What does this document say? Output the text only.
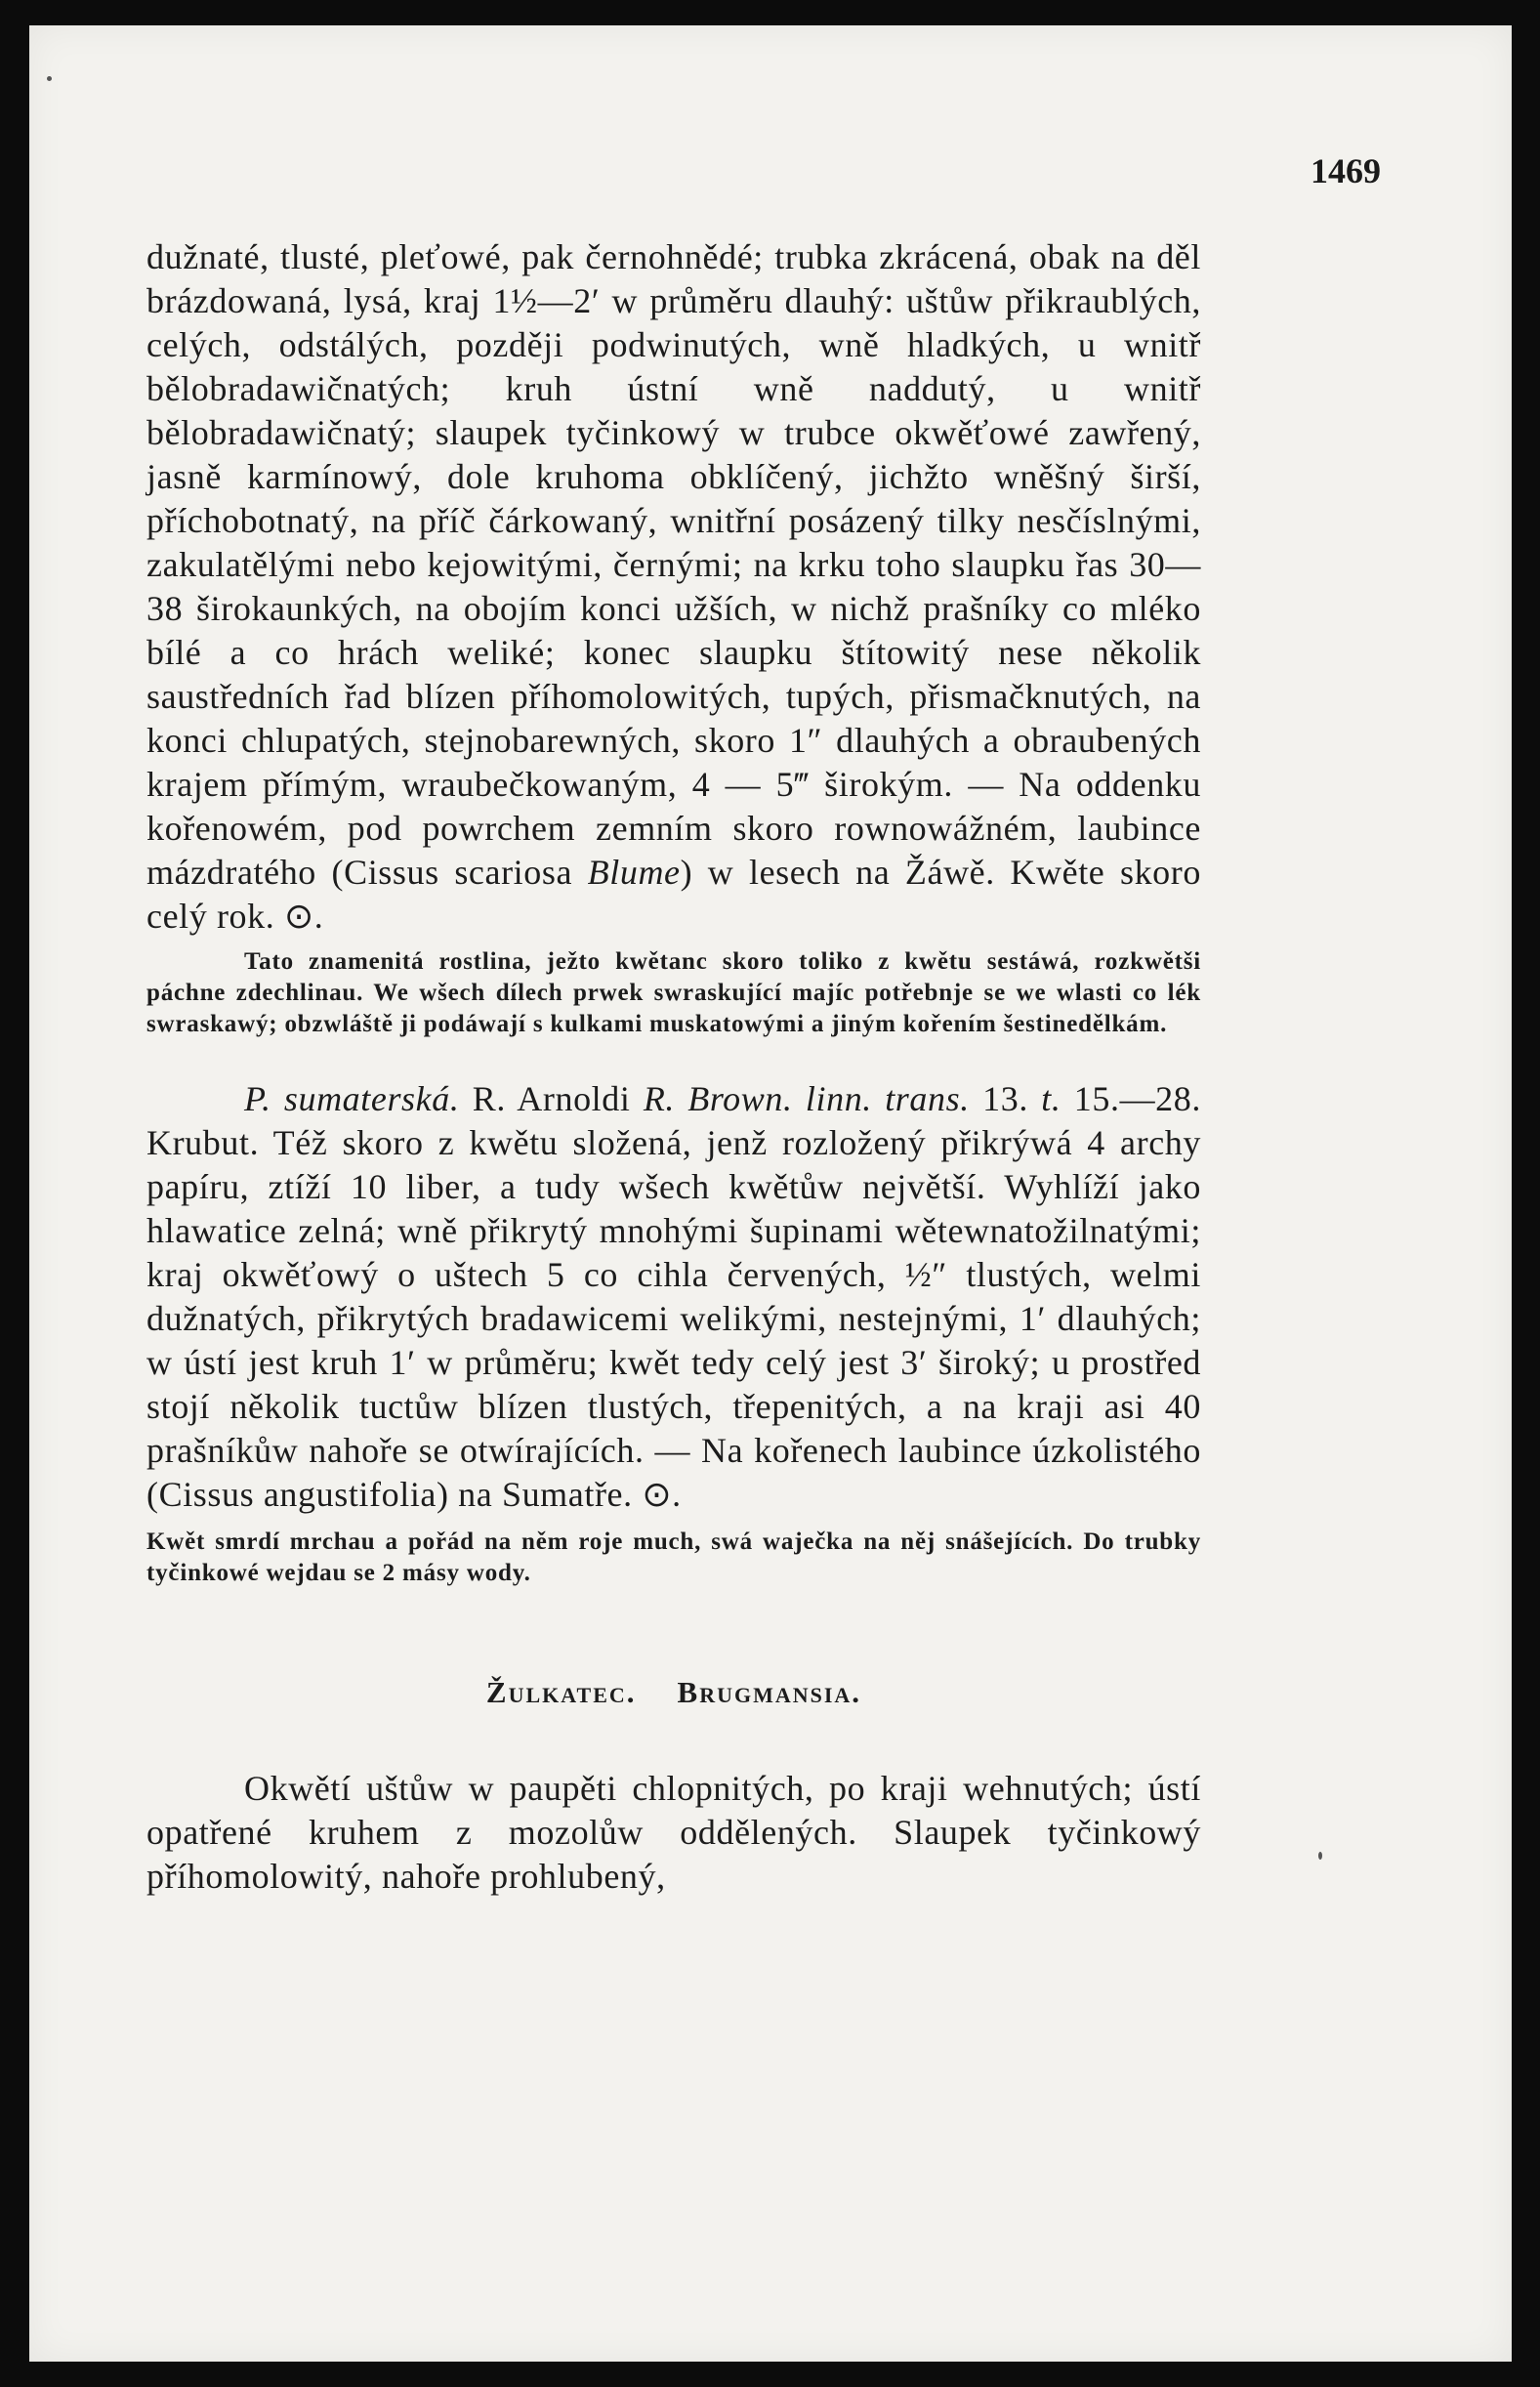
1469

dužnaté, tlusté, pleťowé, pak černohnědé; trubka zkrácená, obak na děl brázdowaná, lysá, kraj 1½—2′ w průměru dlauhý: uštůw přikraublých, celých, odstálých, později podwinutých, wně hladkých, u wnitř bělobradawičnatých; kruh ústní wně naddutý, u wnitř bělobradawičnatý; slaupek tyčinkowý w trubce okwěťowé zawřený, jasně karmínowý, dole kruhoma obklíčený, jichžto wněšný širší, příchobotnatý, na příč čárkowaný, wnitřní posázený tilky nesčíslnými, zakulatělými nebo kejowitými, černými; na krku toho slaupku řas 30—38 širokaunkých, na obojím konci užších, w nichž prašníky co mléko bílé a co hrách weliké; konec slaupku štítowitý nese několik saustředních řad blízen příhomolowitých, tupých, přismačknutých, na konci chlupatých, stejnobarewných, skoro 1″ dlauhých a obraubených krajem přímým, wraubečkowaným, 4 — 5‴ širokým. — Na oddenku kořenowém, pod powrchem zemním skoro rownowážném, laubince mázdratého (Cissus scariosa Blume) w lesech na Žáwě. Kwěte skoro celý rok. ⊙.

Tato znamenitá rostlina, ježto kwětanc skoro toliko z kwětu sestáwá, rozkwětši páchne zdechlinau. We wšech dílech prwek swraskující majíc potřebnje se we wlasti co lék swraskawý; obzwláště ji podáwají s kulkami muskatowými a jiným kořením šestinedělkám.

P. sumaterská. R. Arnoldi R. Brown. linn. trans. 13. t. 15.—28. Krubut. Též skoro z kwětu složená, jenž rozložený přikrýwá 4 archy papíru, ztíží 10 liber, a tudy wšech kwětůw největší. Wyhlíží jako hlawatice zelná; wně přikrytý mnohými šupinami wětewnatožilnatými; kraj okwěťowý o uštech 5 co cihla červených, ½″ tlustých, welmi dužnatých, přikrytých bradawicemi welikými, nestejnými, 1′ dlauhých; w ústí jest kruh 1′ w průměru; kwět tedy celý jest 3′ široký; u prostřed stojí několik tuctůw blízen tlustých, třepenitých, a na kraji asi 40 prašníkůw nahoře se otwírajících. — Na kořenech laubince úzkolistého (Cissus angustifolia) na Sumatře. ⊙.

Kwět smrdí mrchau a pořád na něm roje much, swá waječka na něj snášejících. Do trubky tyčinkowé wejdau se 2 másy wody.

Žulkatec. Brugmansia.

Okwětí uštůw w paupěti chlopnitých, po kraji wehnutých; ústí opatřené kruhem z mozolůw oddělených. Slaupek tyčinkowý příhomolowitý, nahoře prohlubený,
